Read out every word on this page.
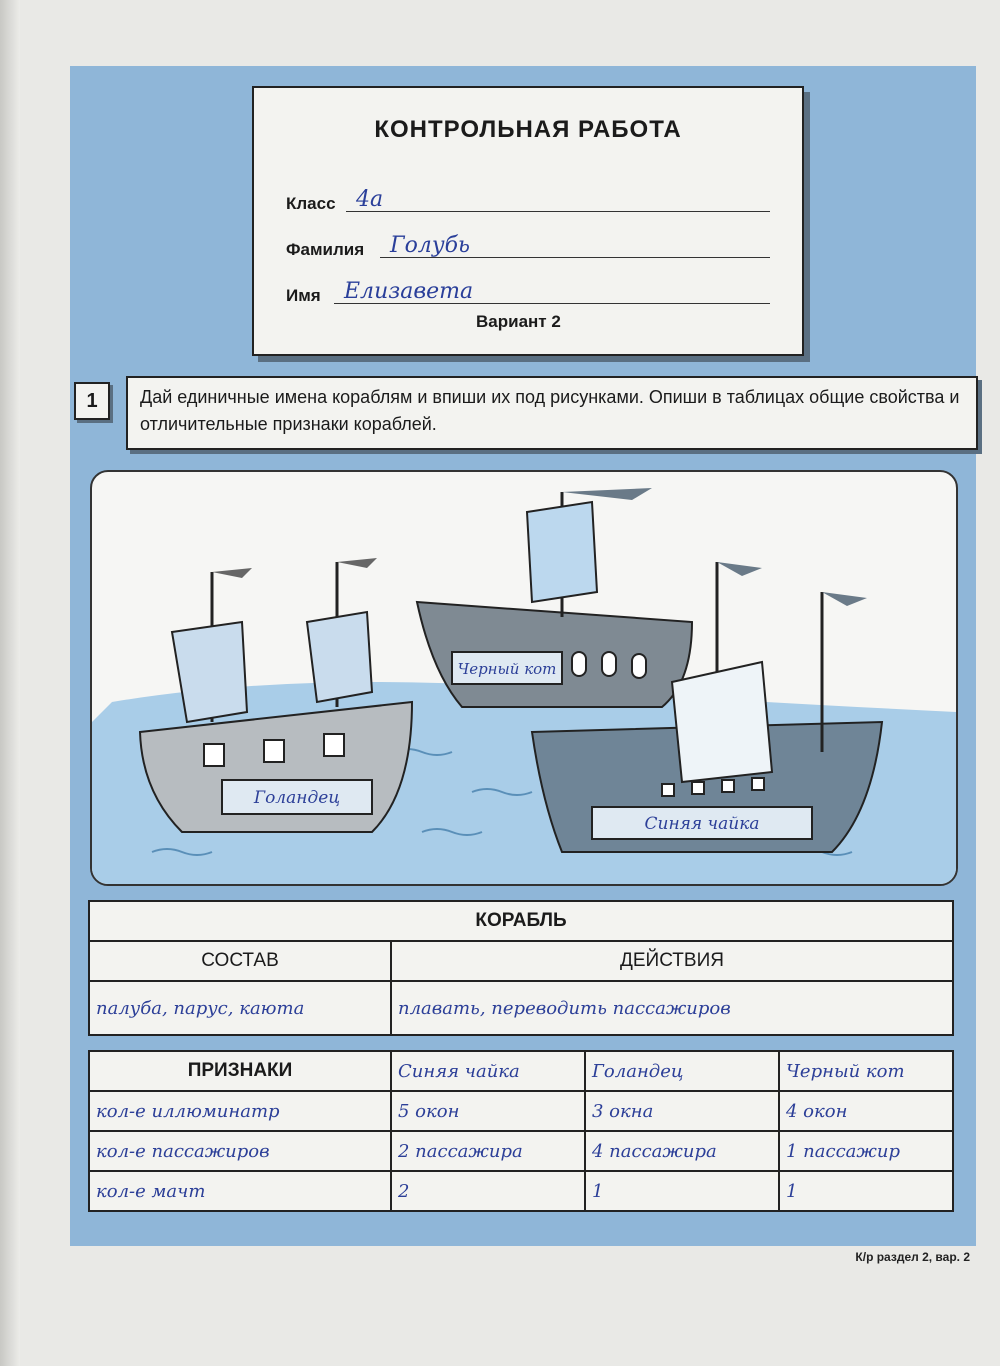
КОНТРОЛЬНАЯ РАБОТА
Класс 4а
Фамилия Голубь
Имя Елизавета
Вариант 2
1	Дай единичные имена кораблям и впиши их под рисунками. Опиши в таблицах общие свойства и отличительные признаки кораблей.
Голандец
Черный кот
Синяя чайка
КОРАБЛЬ	
СОСТАВ	ДЕЙСТВИЯ
палуба, парус, каюта	плавать, переводить пассажиров
ПРИЗНАКИ	Синяя чайка	Голандец	Черный кот
кол-е иллюминатр	5 окон	3 окна	4 окон
кол-е пассажиров	2 пассажира	4 пассажира	1 пассажир
кол-е мачт	2	1	1
К/р раздел 2, вар. 2
